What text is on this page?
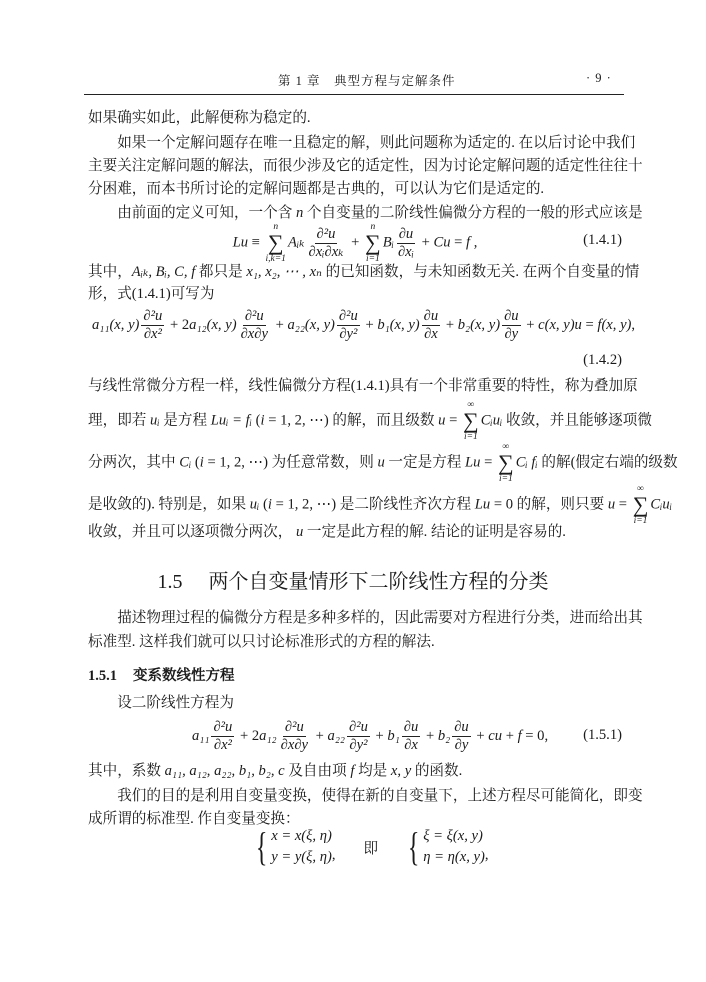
第 1 章　典型方程与定解条件	· 9 ·
如果确实如此，此解便称为稳定的.
　　如果一个定解问题存在唯一且稳定的解，则此问题称为适定的. 在以后讨论中我们
主要关注定解问题的解法，而很少涉及它的适定性，因为讨论定解问题的适定性往往十
分困难，而本书所讨论的定解问题都是古典的，可以认为它们是适定的.
　　由前面的定义可知，一个含 n 个自变量的二阶线性偏微分方程的一般的形式应该是
Lu ≡
n
∑
i,k=1
Aᵢₖ $\frac{\text{∂²u}}{\text{∂xᵢ∂xₖ}}$ +
n
∑
i=1
Bᵢ $\frac{\partial u}{\text{∂xᵢ}} + Cu = f$ ,	(1.4.1)
其中，Aᵢₖ, Bᵢ, C, f 都只是 x₁, x₂, ⋯ , xₙ 的已知函数，与未知函数无关. 在两个自变量的情
形，式(1.4.1)可写为
a₁₁(x, $y) \frac{\text{∂²u}}{\text{∂x²}} + 2a_{12}(x$, $y) \frac{\text{∂²u}}{\partial x\partial y} + a_{22}(x$, $y) \frac{\text{∂²u}}{\text{∂y²}} + b_1(x$, $y) \frac{\partial u}{\partial x} + b_2(x$, $y) \frac{\partial u}{\partial y} + c(x$, y)u = f(x, y),
(1.4.2)
与线性常微分方程一样，线性偏微分方程(1.4.1)具有一个非常重要的特性，称为叠加原
理，即若 uᵢ 是方程 Luᵢ = fᵢ (i = 1, 2, ⋯) 的解，而且级数 u =
∞
∑
i=1
Cᵢuᵢ 收敛，并且能够逐项微
分两次，其中 Cᵢ (i = 1, 2, ⋯) 为任意常数，则 u 一定是方程 Lu =
∞
∑
i=1
Cᵢ fᵢ 的解(假定右端的级数
是收敛的). 特别是，如果 uᵢ (i = 1, 2, ⋯) 是二阶线性齐次方程 Lu = 0 的解，则只要 u =
∞
∑
i=1
Cᵢuᵢ
收敛，并且可以逐项微分两次， u 一定是此方程的解. 结论的证明是容易的.
1.5 两个自变量情形下二阶线性方程的分类
　　描述物理过程的偏微分方程是多种多样的，因此需要对方程进行分类，进而给出其
标准型. 这样我们就可以只讨论标准形式的方程的解法.
1.5.1 变系数线性方程
　　设二阶线性方程为
$a_{11} \frac{\text{∂²u}}{\text{∂x²}} + 2a_{12} \frac{\text{∂²u}}{\partial x\partial y} + a_{22} \frac{\text{∂²u}}{\text{∂y²}} + b_1 \frac{\partial u}{\partial x} + b_2 \frac{\partial u}{\partial y}$ + cu + f = 0,	(1.5.1)
其中，系数 a₁₁, a₁₂, a₂₂, b₁, b₂, c 及自由项 f 均是 x, y 的函数.
　　我们的目的是利用自变量变换，使得在新的自变量下，上述方程尽可能简化，即变
成所谓的标准型. 作自变量变换：
{ x = x(ξ, η)
y = y(ξ, η) , 即 { ξ = ξ(x, y)
η = η(x, y) ,
